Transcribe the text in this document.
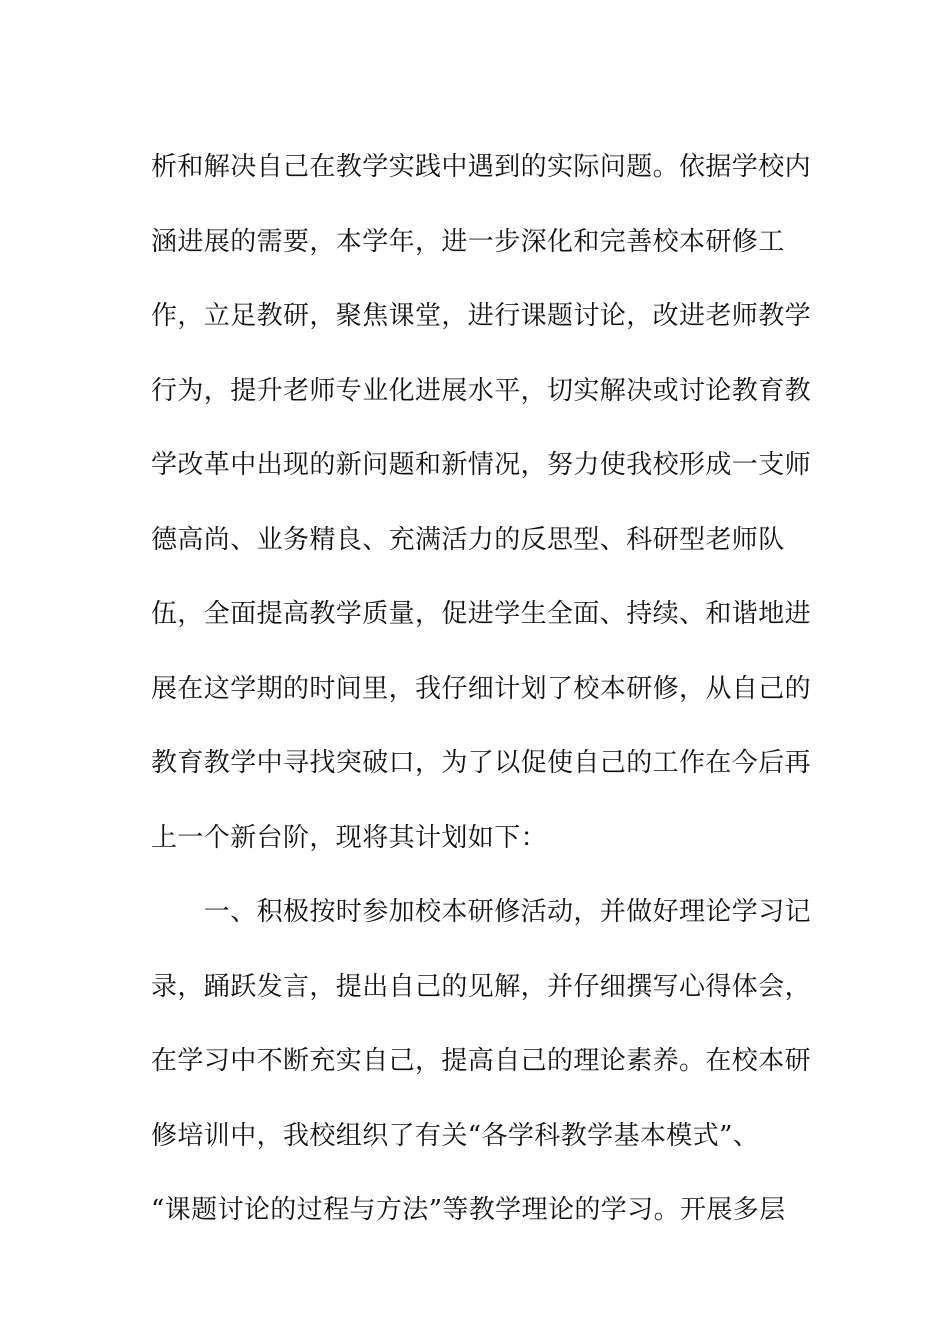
析和解决自己在教学实践中遇到的实际问题。依据学校内
涵进展的需要，本学年，进一步深化和完善校本研修工
作，立足教研，聚焦课堂，进行课题讨论，改进老师教学
行为，提升老师专业化进展水平，切实解决或讨论教育教
学改革中出现的新问题和新情况，努力使我校形成一支师
德高尚、业务精良、充满活力的反思型、科研型老师队
伍，全面提高教学质量，促进学生全面、持续、和谐地进
展在这学期的时间里，我仔细计划了校本研修，从自己的
教育教学中寻找突破口，为了以促使自己的工作在今后再
上一个新台阶，现将其计划如下：
　　一、积极按时参加校本研修活动，并做好理论学习记
录，踊跃发言，提出自己的见解，并仔细撰写心得体会，
在学习中不断充实自己，提高自己的理论素养。在校本研
修培训中，我校组织了有关“各学科教学基本模式”、
“课题讨论的过程与方法”等教学理论的学习。开展多层
